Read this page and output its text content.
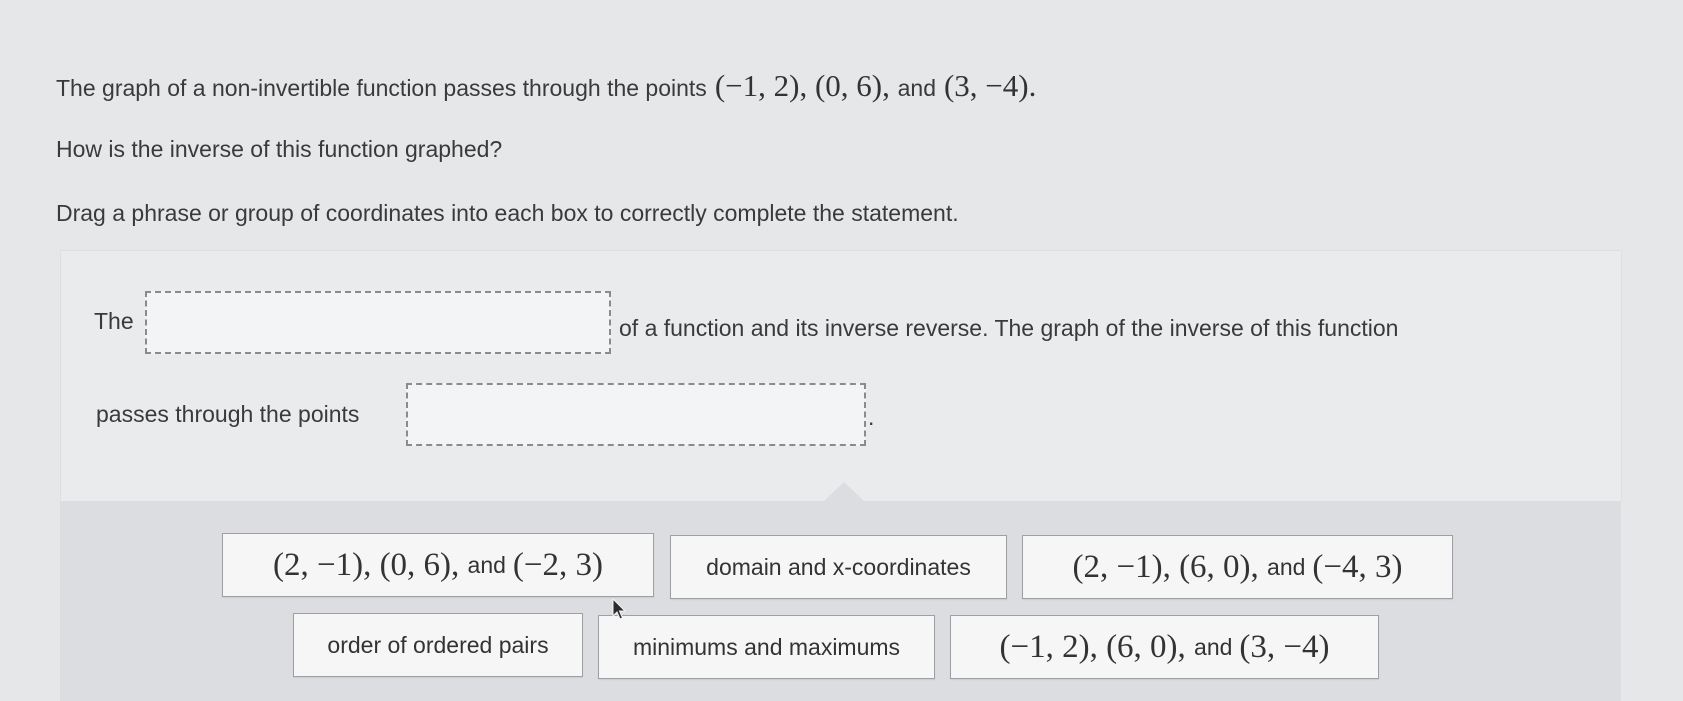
The graph of a non-invertible function passes through the points (−1, 2) , (0, 6) , and (3, −4).
How is the inverse of this function graphed?
Drag a phrase or group of coordinates into each box to correctly complete the statement.
The	of a function and its inverse reverse. The graph of the inverse of this function
passes through the points	.
(2, −1) , (0, 6) , and (−2, 3)	domain and x-coordinates	(2, −1) , (6, 0) , and (−4, 3)
order of ordered pairs	minimums and maximums	(−1, 2) , (6, 0) , and (3, −4)
